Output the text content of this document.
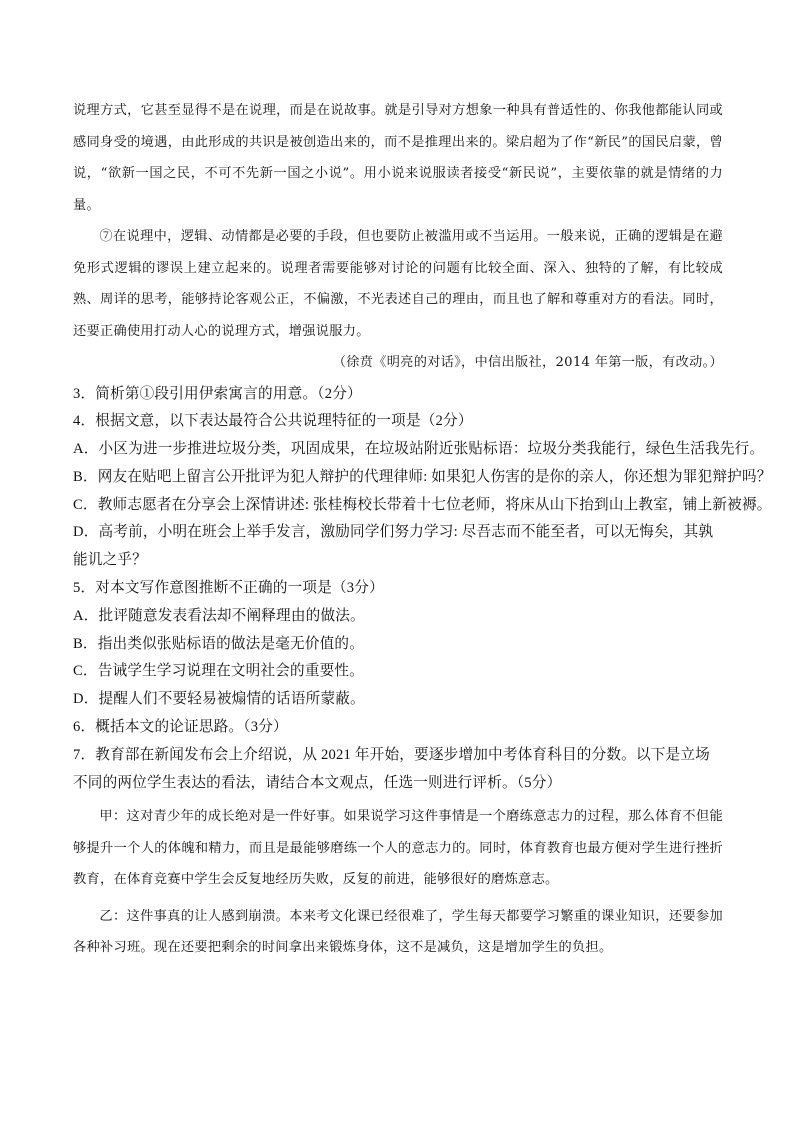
说理方式，它甚至显得不是在说理，而是在说故事。就是引导对方想象一种具有普适性的、你我他都能认同或感同身受的境遇，由此形成的共识是被创造出来的，而不是推理出来的。梁启超为了作“新民”的国民启蒙，曾说，“欲新一国之民，不可不先新一国之小说”。用小说来说服读者接受“新民说”，主要依靠的就是情绪的力量。

⑦在说理中，逻辑、动情都是必要的手段，但也要防止被滥用或不当运用。一般来说，正确的逻辑是在避免形式逻辑的谬误上建立起来的。说理者需要能够对讨论的问题有比较全面、深入、独特的了解，有比较成熟、周详的思考，能够持论客观公正，不偏激，不光表述自己的理由，而且也了解和尊重对方的看法。同时，还要正确使用打动人心的说理方式，增强说服力。

（徐贲《明亮的对话》，中信出版社，2014 年第一版，有改动。）

3．简析第①段引用伊索寓言的用意。（2分）

4．根据文意，以下表达最符合公共说理特征的一项是（2分）

A．小区为进一步推进垃圾分类，巩固成果，在垃圾站附近张贴标语：垃圾分类我能行，绿色生活我先行。

B．网友在贴吧上留言公开批评为犯人辩护的代理律师: 如果犯人伤害的是你的亲人，你还想为罪犯辩护吗？

C．教师志愿者在分享会上深情讲述: 张桂梅校长带着十七位老师，将床从山下抬到山上教室，铺上新被褥。

D．高考前，小明在班会上举手发言，激励同学们努力学习: 尽吾志而不能至者，可以无悔矣，其孰能讥之乎？

5．对本文写作意图推断不正确的一项是（3分）

A．批评随意发表看法却不阐释理由的做法。

B．指出类似张贴标语的做法是毫无价值的。

C．告诫学生学习说理在文明社会的重要性。

D．提醒人们不要轻易被煽情的话语所蒙蔽。

6．概括本文的论证思路。（3分）

7．教育部在新闻发布会上介绍说，从 2021 年开始，要逐步增加中考体育科目的分数。以下是立场不同的两位学生表达的看法，请结合本文观点，任选一则进行评析。（5分）

甲：这对青少年的成长绝对是一件好事。如果说学习这件事情是一个磨练意志力的过程，那么体育不但能够提升一个人的体魄和精力，而且是最能够磨练一个人的意志力的。同时，体育教育也最方便对学生进行挫折教育，在体育竞赛中学生会反复地经历失败，反复的前进，能够很好的磨炼意志。

乙：这件事真的让人感到崩溃。本来考文化课已经很难了，学生每天都要学习繁重的课业知识，还要参加各种补习班。现在还要把剩余的时间拿出来锻炼身体，这不是减负，这是增加学生的负担。
